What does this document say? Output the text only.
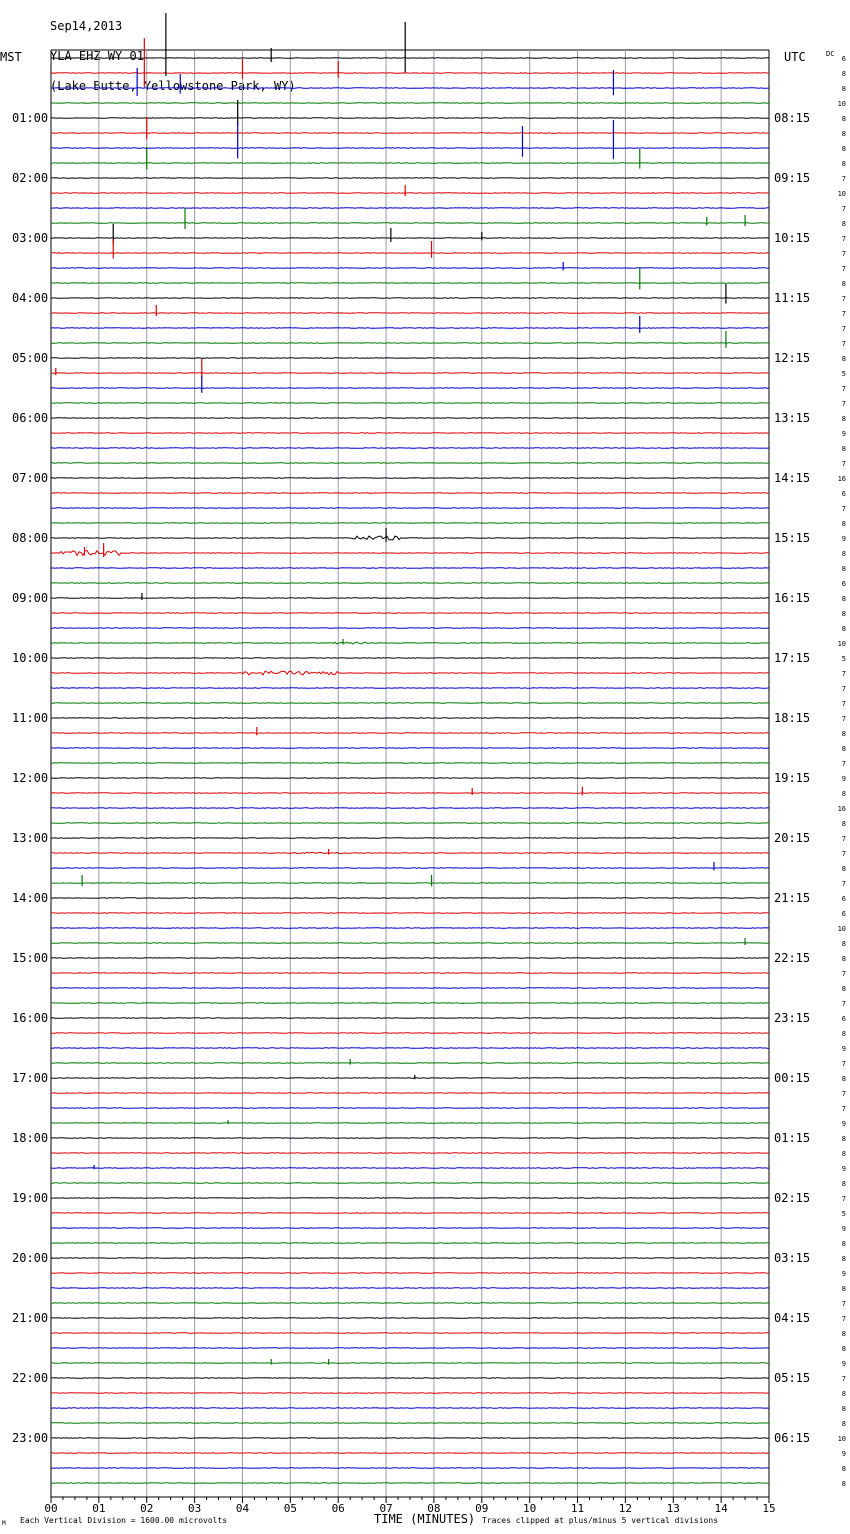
Sep14,2013

YLA EHZ WY 01

(Lake Butte, Yellowstone Park, WY)

MST	UTC	DC
TIME (MINUTES)
Each Vertical Division = 1600.00 microvolts	Traces clipped at plus/minus 5 vertical divisions
M
01:00
02:00
03:00
04:00
05:00
06:00
07:00
08:00
09:00
10:00
11:00
12:00
13:00
14:00
15:00
16:00
17:00
18:00
19:00
20:00
21:00
22:00
23:00
08:15
09:15
10:15
11:15
12:15
13:15
14:15
15:15
16:15
17:15
18:15
19:15
20:15
21:15
22:15
23:15
00:15
01:15
02:15
03:15
04:15
05:15
06:15
6
8
8
10
8
8
8
8
7
10
7
8
7
7
7
8
7
7
7
7
8
5
7
7
8
9
8
7
16
6
7
8
9
8
8
6
8
8
8
10
5
7
7
7
7
8
8
7
9
8
16
8
7
7
8
7
6
6
10
8
8
7
8
7
6
8
9
7
8
7
7
9
8
8
9
8
7
5
9
8
8
9
8
7
7
8
8
9
7
8
8
8
10
9
8
8
00	01	02	03	04	05	06	07	08	09	10	11	12	13	14	15
